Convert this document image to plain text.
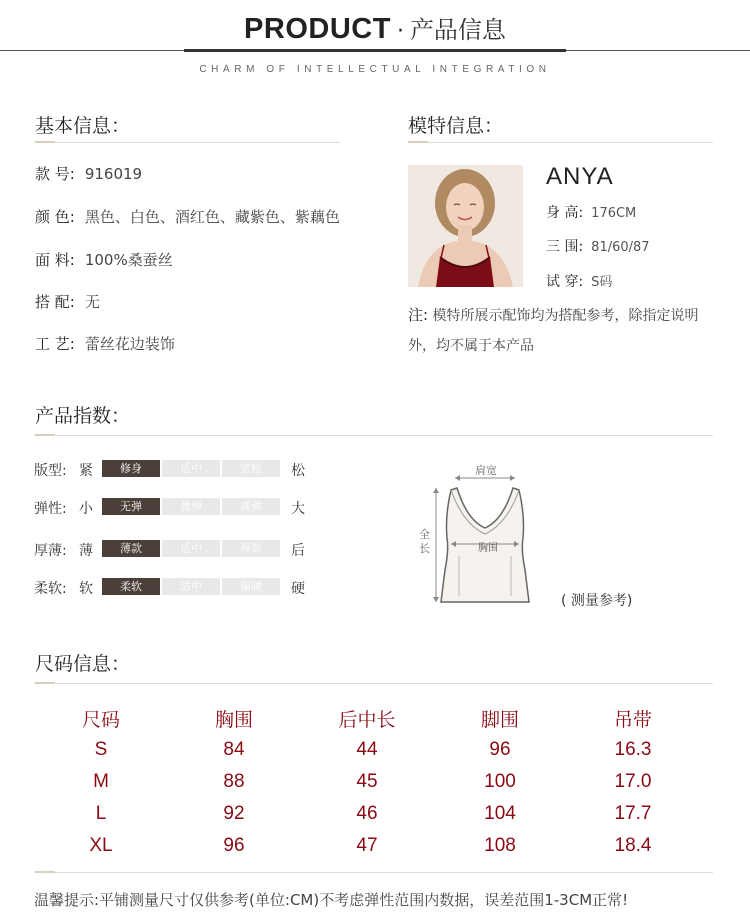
PRODUCT · 产品信息
CHARM OF INTELLECTUAL INTEGRATION
基本信息：
款 号: 916019
颜 色: 黑色、白色、酒红色、藏紫色、紫藕色
面 料: 100%桑蚕丝
搭 配: 无
工 艺: 蕾丝花边装饰
模特信息：
ANYA
身 高: 176CM
三 围: 81/60/87
试 穿: S码
注: 模特所展示配饰均为搭配参考，除指定说明外，均不属于本产品
产品指数：
版型: 紧	修身	适中	宽松	松
弹性: 小	无弹	微弹	高弹	大
厚薄: 薄	薄款	适中	厚款	后
柔软: 软	柔软	适中	偏硬	硬
肩宽
全长	胸围
( 测量参考)
尺码信息：
尺码	胸围	后中长	脚围	吊带
S	84	44	96	16.3
M	88	45	100	17.0
L	92	46	104	17.7
XL	96	47	108	18.4
温馨提示:平铺测量尺寸仅供参考(单位:CM)不考虑弹性范围内数据，误差范围1-3CM正常!
